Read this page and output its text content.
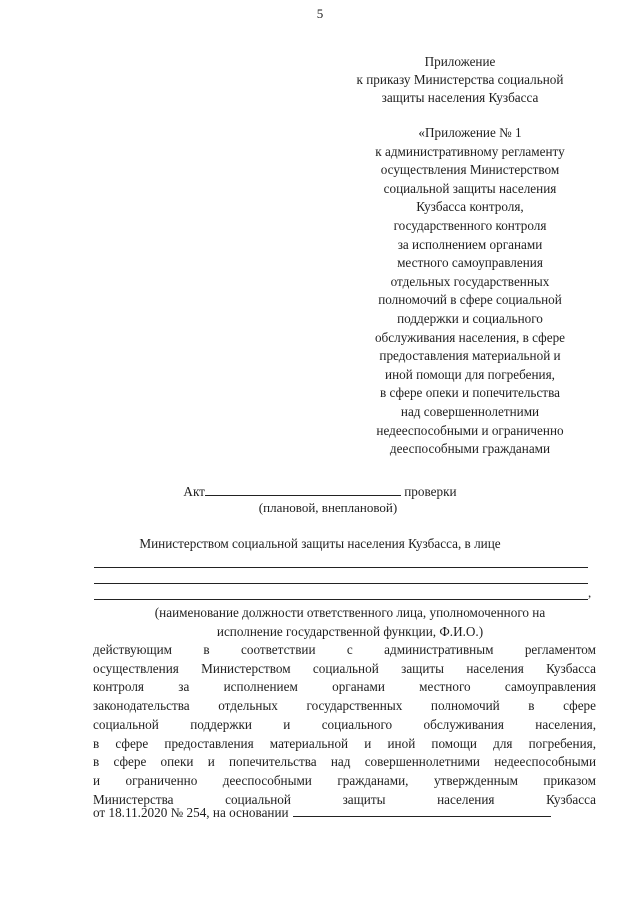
5
Приложение
к приказу Министерства социальной
защиты населения Кузбасса
«Приложение № 1
к административному регламенту
осуществления Министерством
социальной защиты населения
Кузбасса контроля,
государственного контроля
за исполнением органами
местного самоуправления
отдельных государственных
полномочий в сфере социальной
поддержки и социального
обслуживания населения, в сфере
предоставления материальной и
иной помощи для погребения,
в сфере опеки и попечительства
над совершеннолетними
недееспособными и ограниченно
дееспособными гражданами
Акт	проверки
(плановой, внеплановой)
Министерством социальной защиты населения Кузбасса, в лице
,
(наименование должности ответственного лица, уполномоченного на
исполнение государственной функции, Ф.И.О.)
действующим в соответствии с административным регламентом
осуществления Министерством социальной защиты населения Кузбасса
контроля за исполнением органами местного самоуправления
законодательства отдельных государственных полномочий в сфере
социальной поддержки и социального обслуживания населения,
в сфере предоставления материальной и иной помощи для погребения,
в сфере опеки и попечительства над совершеннолетними недееспособными
и ограниченно дееспособными гражданами, утвержденным приказом
Министерства социальной защиты населения Кузбасса
от 18.11.2020 № 254, на основании
